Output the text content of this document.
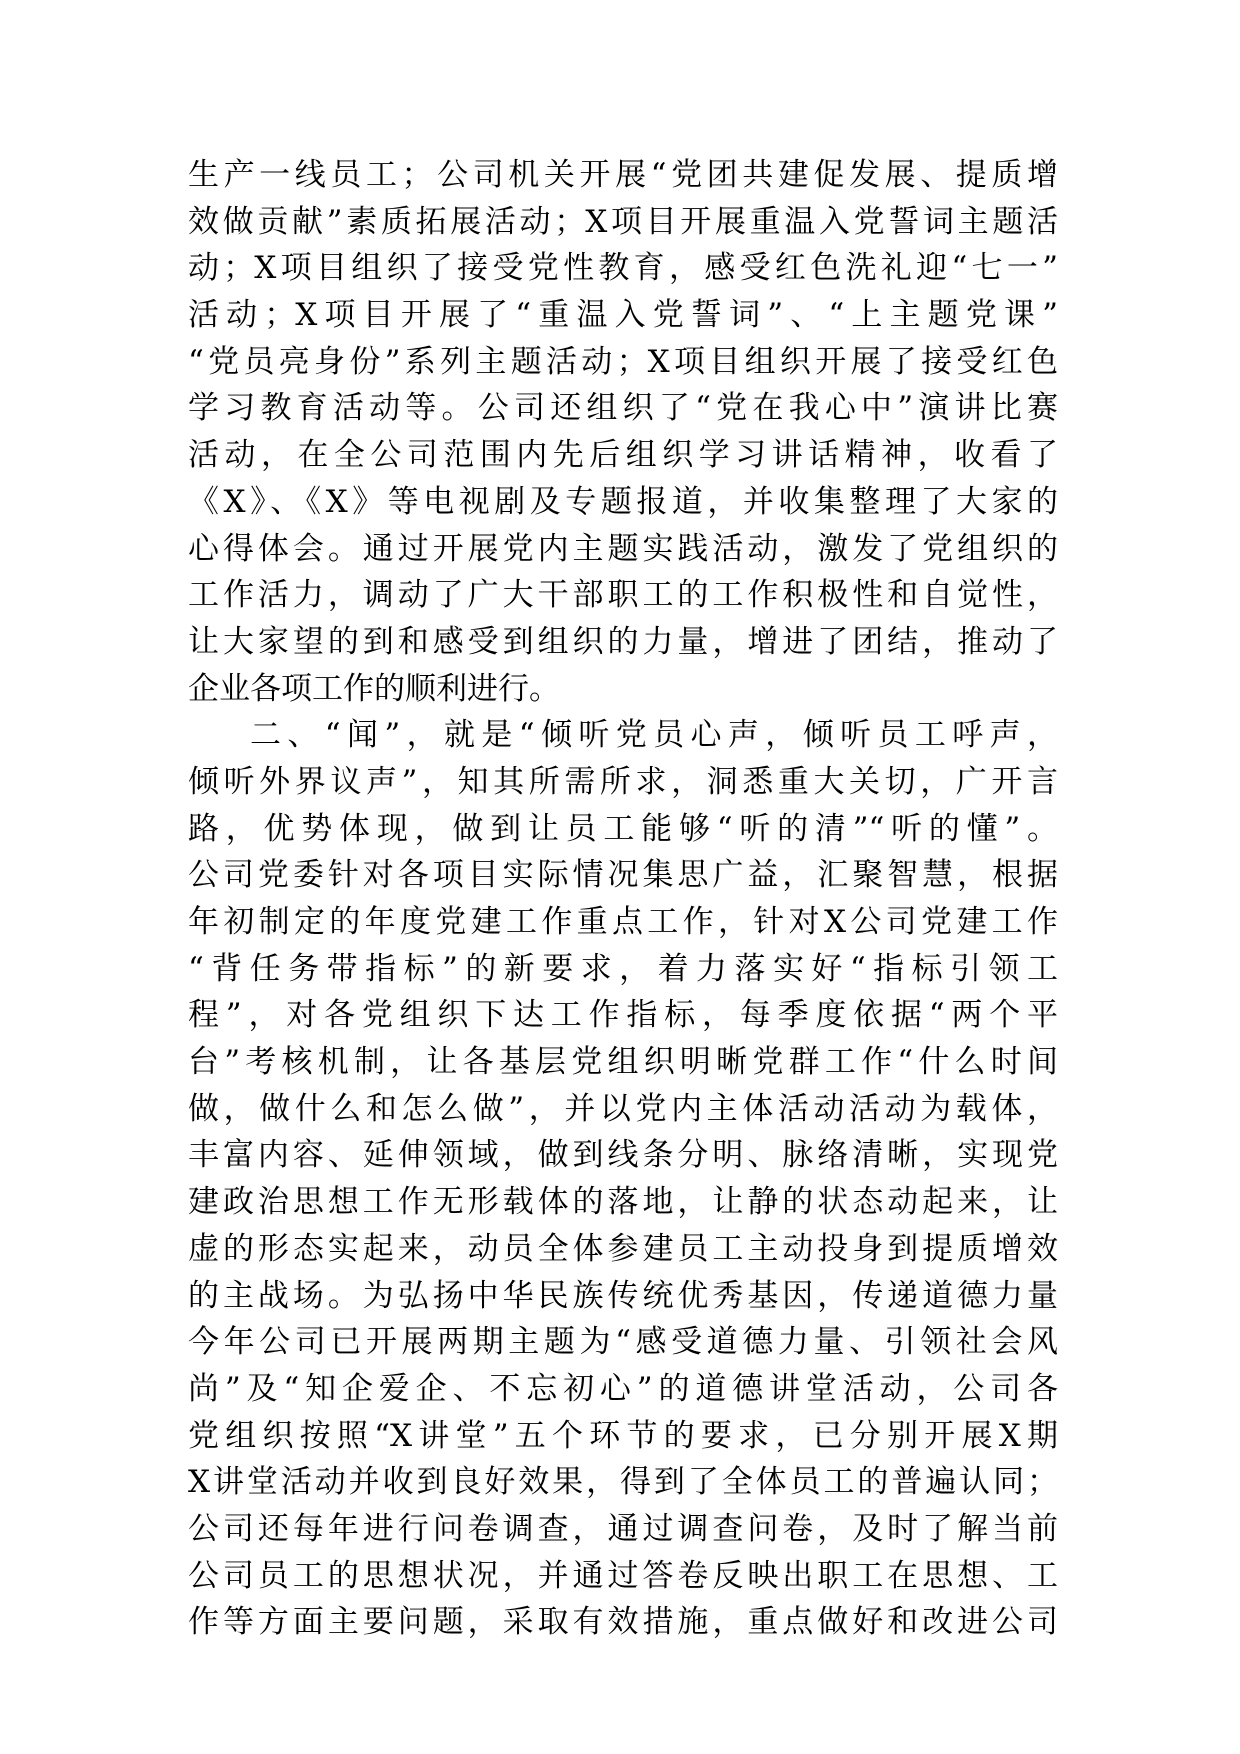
生产一线员工；公司机关开展“党团共建促发展、提质增
效做贡献”素质拓展活动；X项目开展重温入党誓词主题活
动；X项目组织了接受党性教育，感受红色洗礼迎“七一”
活动；X项目开展了“重温入党誓词”、“上主题党课”
“党员亮身份”系列主题活动；X项目组织开展了接受红色
学习教育活动等。公司还组织了“党在我心中”演讲比赛
活动，在全公司范围内先后组织学习讲话精神，收看了
《X》、《X》等电视剧及专题报道，并收集整理了大家的
心得体会。通过开展党内主题实践活动，激发了党组织的
工作活力，调动了广大干部职工的工作积极性和自觉性，
让大家望的到和感受到组织的力量，增进了团结，推动了
企业各项工作的顺利进行。
二、“闻”，就是“倾听党员心声，倾听员工呼声，
倾听外界议声”，知其所需所求，洞悉重大关切，广开言
路，优势体现，做到让员工能够“听的清”“听的懂”。
公司党委针对各项目实际情况集思广益，汇聚智慧，根据
年初制定的年度党建工作重点工作，针对X公司党建工作
“背任务带指标”的新要求，着力落实好“指标引领工
程”，对各党组织下达工作指标，每季度依据“两个平
台”考核机制，让各基层党组织明晰党群工作“什么时间
做，做什么和怎么做”，并以党内主体活动活动为载体，
丰富内容、延伸领域，做到线条分明、脉络清晰，实现党
建政治思想工作无形载体的落地，让静的状态动起来，让
虚的形态实起来，动员全体参建员工主动投身到提质增效
的主战场。为弘扬中华民族传统优秀基因，传递道德力量
今年公司已开展两期主题为“感受道德力量、引领社会风
尚”及“知企爱企、不忘初心”的道德讲堂活动，公司各
党组织按照“X讲堂”五个环节的要求，已分别开展X期
X讲堂活动并收到良好效果，得到了全体员工的普遍认同；
公司还每年进行问卷调查，通过调查问卷，及时了解当前
公司员工的思想状况，并通过答卷反映出职工在思想、工
作等方面主要问题，采取有效措施，重点做好和改进公司
